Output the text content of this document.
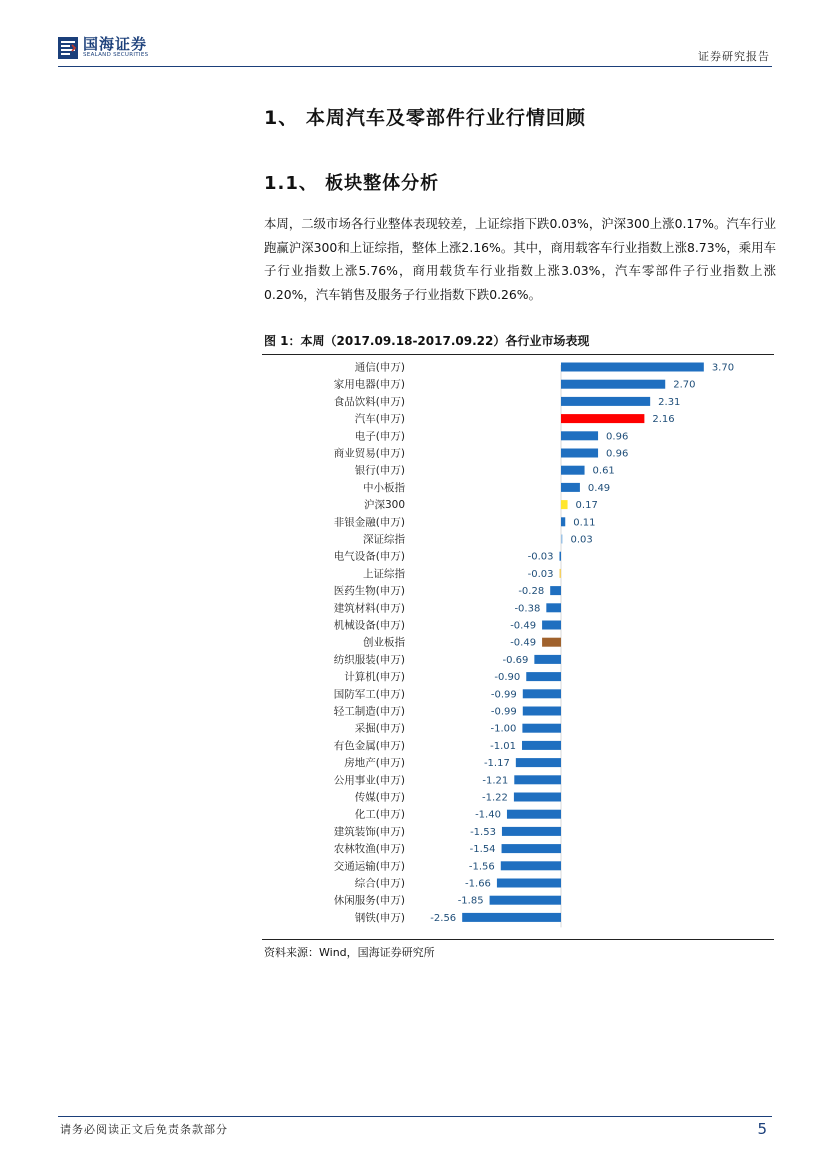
国海证券
SEALAND SECURITIES	证券研究报告
1、 本周汽车及零部件行业行情回顾
1.1、 板块整体分析

本周，二级市场各行业整体表现较差，上证综指下跌0.03%，沪深300上涨0.17%。汽车行业跑赢沪深300和上证综指，整体上涨2.16%。其中，商用载客车行业指数上涨8.73%，乘用车子行业指数上涨5.76%，商用载货车行业指数上涨3.03%，汽车零部件子行业指数上涨0.20%，汽车销售及服务子行业指数下跌0.26%。

图 1：本周（2017.09.18-2017.09.22）各行业市场表现
通信(申万)	3.70
家用电器(申万)	2.70
食品饮料(申万)	2.31
汽车(申万)	2.16
电子(申万)	0.96
商业贸易(申万)	0.96
银行(申万)	0.61
中小板指	0.49
沪深300	0.17
非银金融(申万)	0.11
深证综指	0.03
电气设备(申万)	-0.03
上证综指	-0.03
医药生物(申万)	-0.28
建筑材料(申万)	-0.38
机械设备(申万)	-0.49
创业板指	-0.49
纺织服装(申万)	-0.69
计算机(申万)	-0.90
国防军工(申万)	-0.99
轻工制造(申万)	-0.99
采掘(申万)	-1.00
有色金属(申万)	-1.01
房地产(申万)	-1.17
公用事业(申万)	-1.21
传媒(申万)	-1.22
化工(申万)	-1.40
建筑装饰(申万)	-1.53
农林牧渔(申万)	-1.54
交通运输(申万)	-1.56
综合(申万)	-1.66
休闲服务(申万)	-1.85
钢铁(申万)	-2.56
资料来源：Wind，国海证券研究所
请务必阅读正文后免责条款部分	5
